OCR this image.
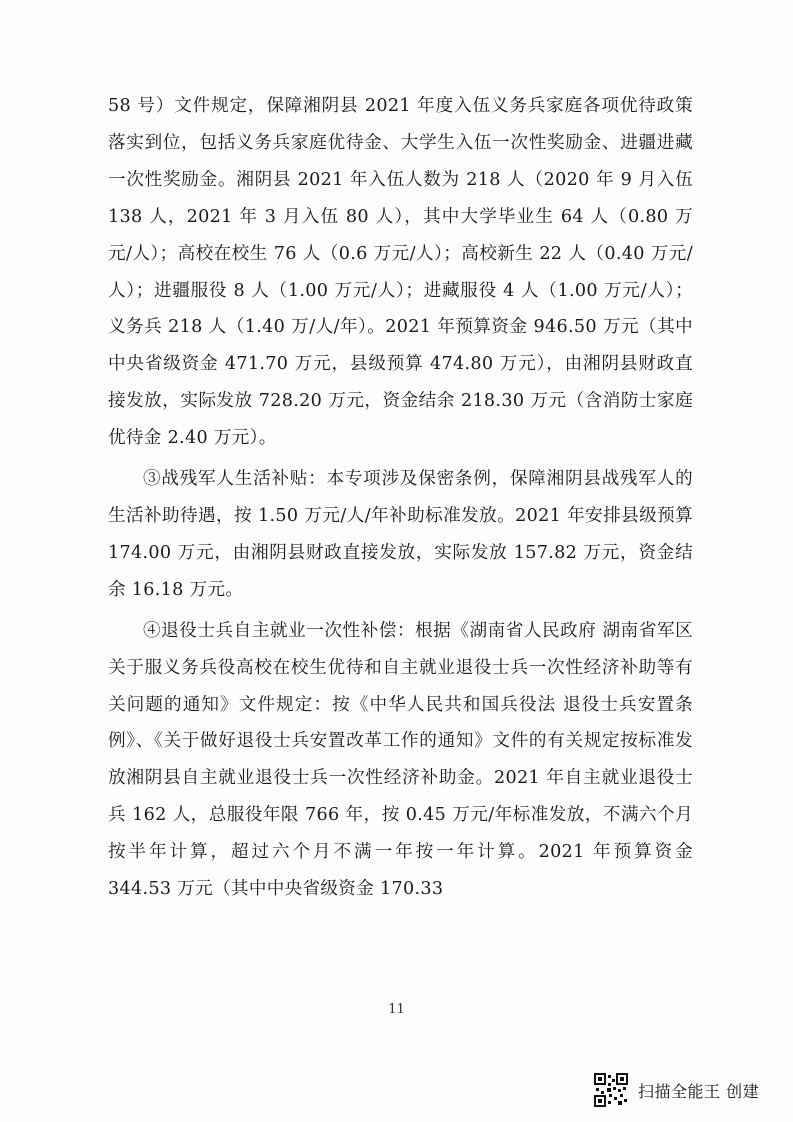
58 号）文件规定，保障湘阴县 2021 年度入伍义务兵家庭各项优待政策落实到位，包括义务兵家庭优待金、大学生入伍一次性奖励金、进疆进藏一次性奖励金。湘阴县 2021 年入伍人数为 218 人（2020 年 9 月入伍 138 人，2021 年 3 月入伍 80 人），其中大学毕业生 64 人（0.80 万元/人）；高校在校生 76 人（0.6 万元/人）；高校新生 22 人（0.40 万元/人）；进疆服役 8 人（1.00 万元/人）；进藏服役 4 人（1.00 万元/人）；义务兵 218 人（1.40 万/人/年）。2021 年预算资金 946.50 万元（其中中央省级资金 471.70 万元，县级预算 474.80 万元），由湘阴县财政直接发放，实际发放 728.20 万元，资金结余 218.30 万元（含消防士家庭优待金 2.40 万元）。

③战残军人生活补贴：本专项涉及保密条例，保障湘阴县战残军人的生活补助待遇，按 1.50 万元/人/年补助标准发放。2021 年安排县级预算 174.00 万元，由湘阴县财政直接发放，实际发放 157.82 万元，资金结余 16.18 万元。

④退役士兵自主就业一次性补偿：根据《湖南省人民政府 湖南省军区关于服义务兵役高校在校生优待和自主就业退役士兵一次性经济补助等有关问题的通知》文件规定：按《中华人民共和国兵役法 退役士兵安置条例》、《关于做好退役士兵安置改革工作的通知》文件的有关规定按标准发放湘阴县自主就业退役士兵一次性经济补助金。2021 年自主就业退役士兵 162 人，总服役年限 766 年，按 0.45 万元/年标准发放，不满六个月按半年计算，超过六个月不满一年按一年计算。2021 年预算资金 344.53 万元（其中中央省级资金 170.33

11
扫描全能王 创建
